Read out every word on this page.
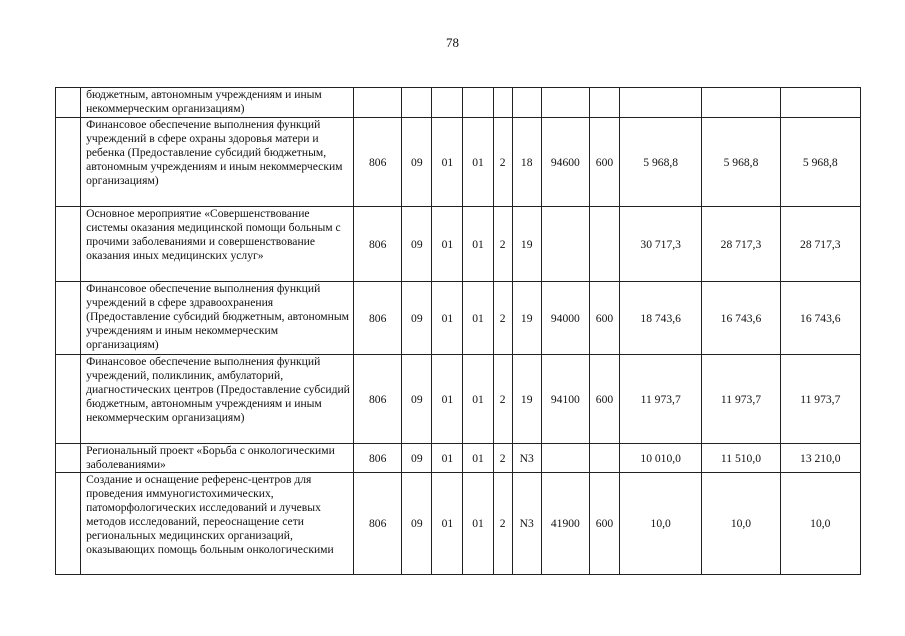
78
	бюджетным, автономным учреждениям и иным некоммерческим организациям)											
	Финансовое обеспечение выполнения функций учреждений в сфере охраны здоровья матери и ребенка (Предоставление субсидий бюджетным, автономным учреждениям и иным некоммерческим организациям)	806	09	01	01	2	18	94600	600	5 968,8	5 968,8	5 968,8
	Основное мероприятие «Совершенствование системы оказания медицинской помощи больным с прочими заболеваниями и совершенствование оказания иных медицинских услуг»	806	09	01	01	2	19			30 717,3	28 717,3	28 717,3
	Финансовое обеспечение выполнения функций учреждений в сфере здравоохранения (Предоставление субсидий бюджетным, автономным учреждениям и иным некоммерческим организациям)	806	09	01	01	2	19	94000	600	18 743,6	16 743,6	16 743,6
	Финансовое обеспечение выполнения функций учреждений, поликлиник, амбулаторий, диагностических центров (Предоставление субсидий бюджетным, автономным учреждениям и иным некоммерческим организациям)	806	09	01	01	2	19	94100	600	11 973,7	11 973,7	11 973,7
	Региональный проект «Борьба с онкологическими заболеваниями»	806	09	01	01	2	N3			10 010,0	11 510,0	13 210,0
	Создание и оснащение референс-центров для проведения иммуногистохимических, патоморфологических исследований и лучевых методов исследований, переоснащение сети региональных медицинских организаций, оказывающих помощь больным онкологическими	806	09	01	01	2	N3	41900	600	10,0	10,0	10,0
